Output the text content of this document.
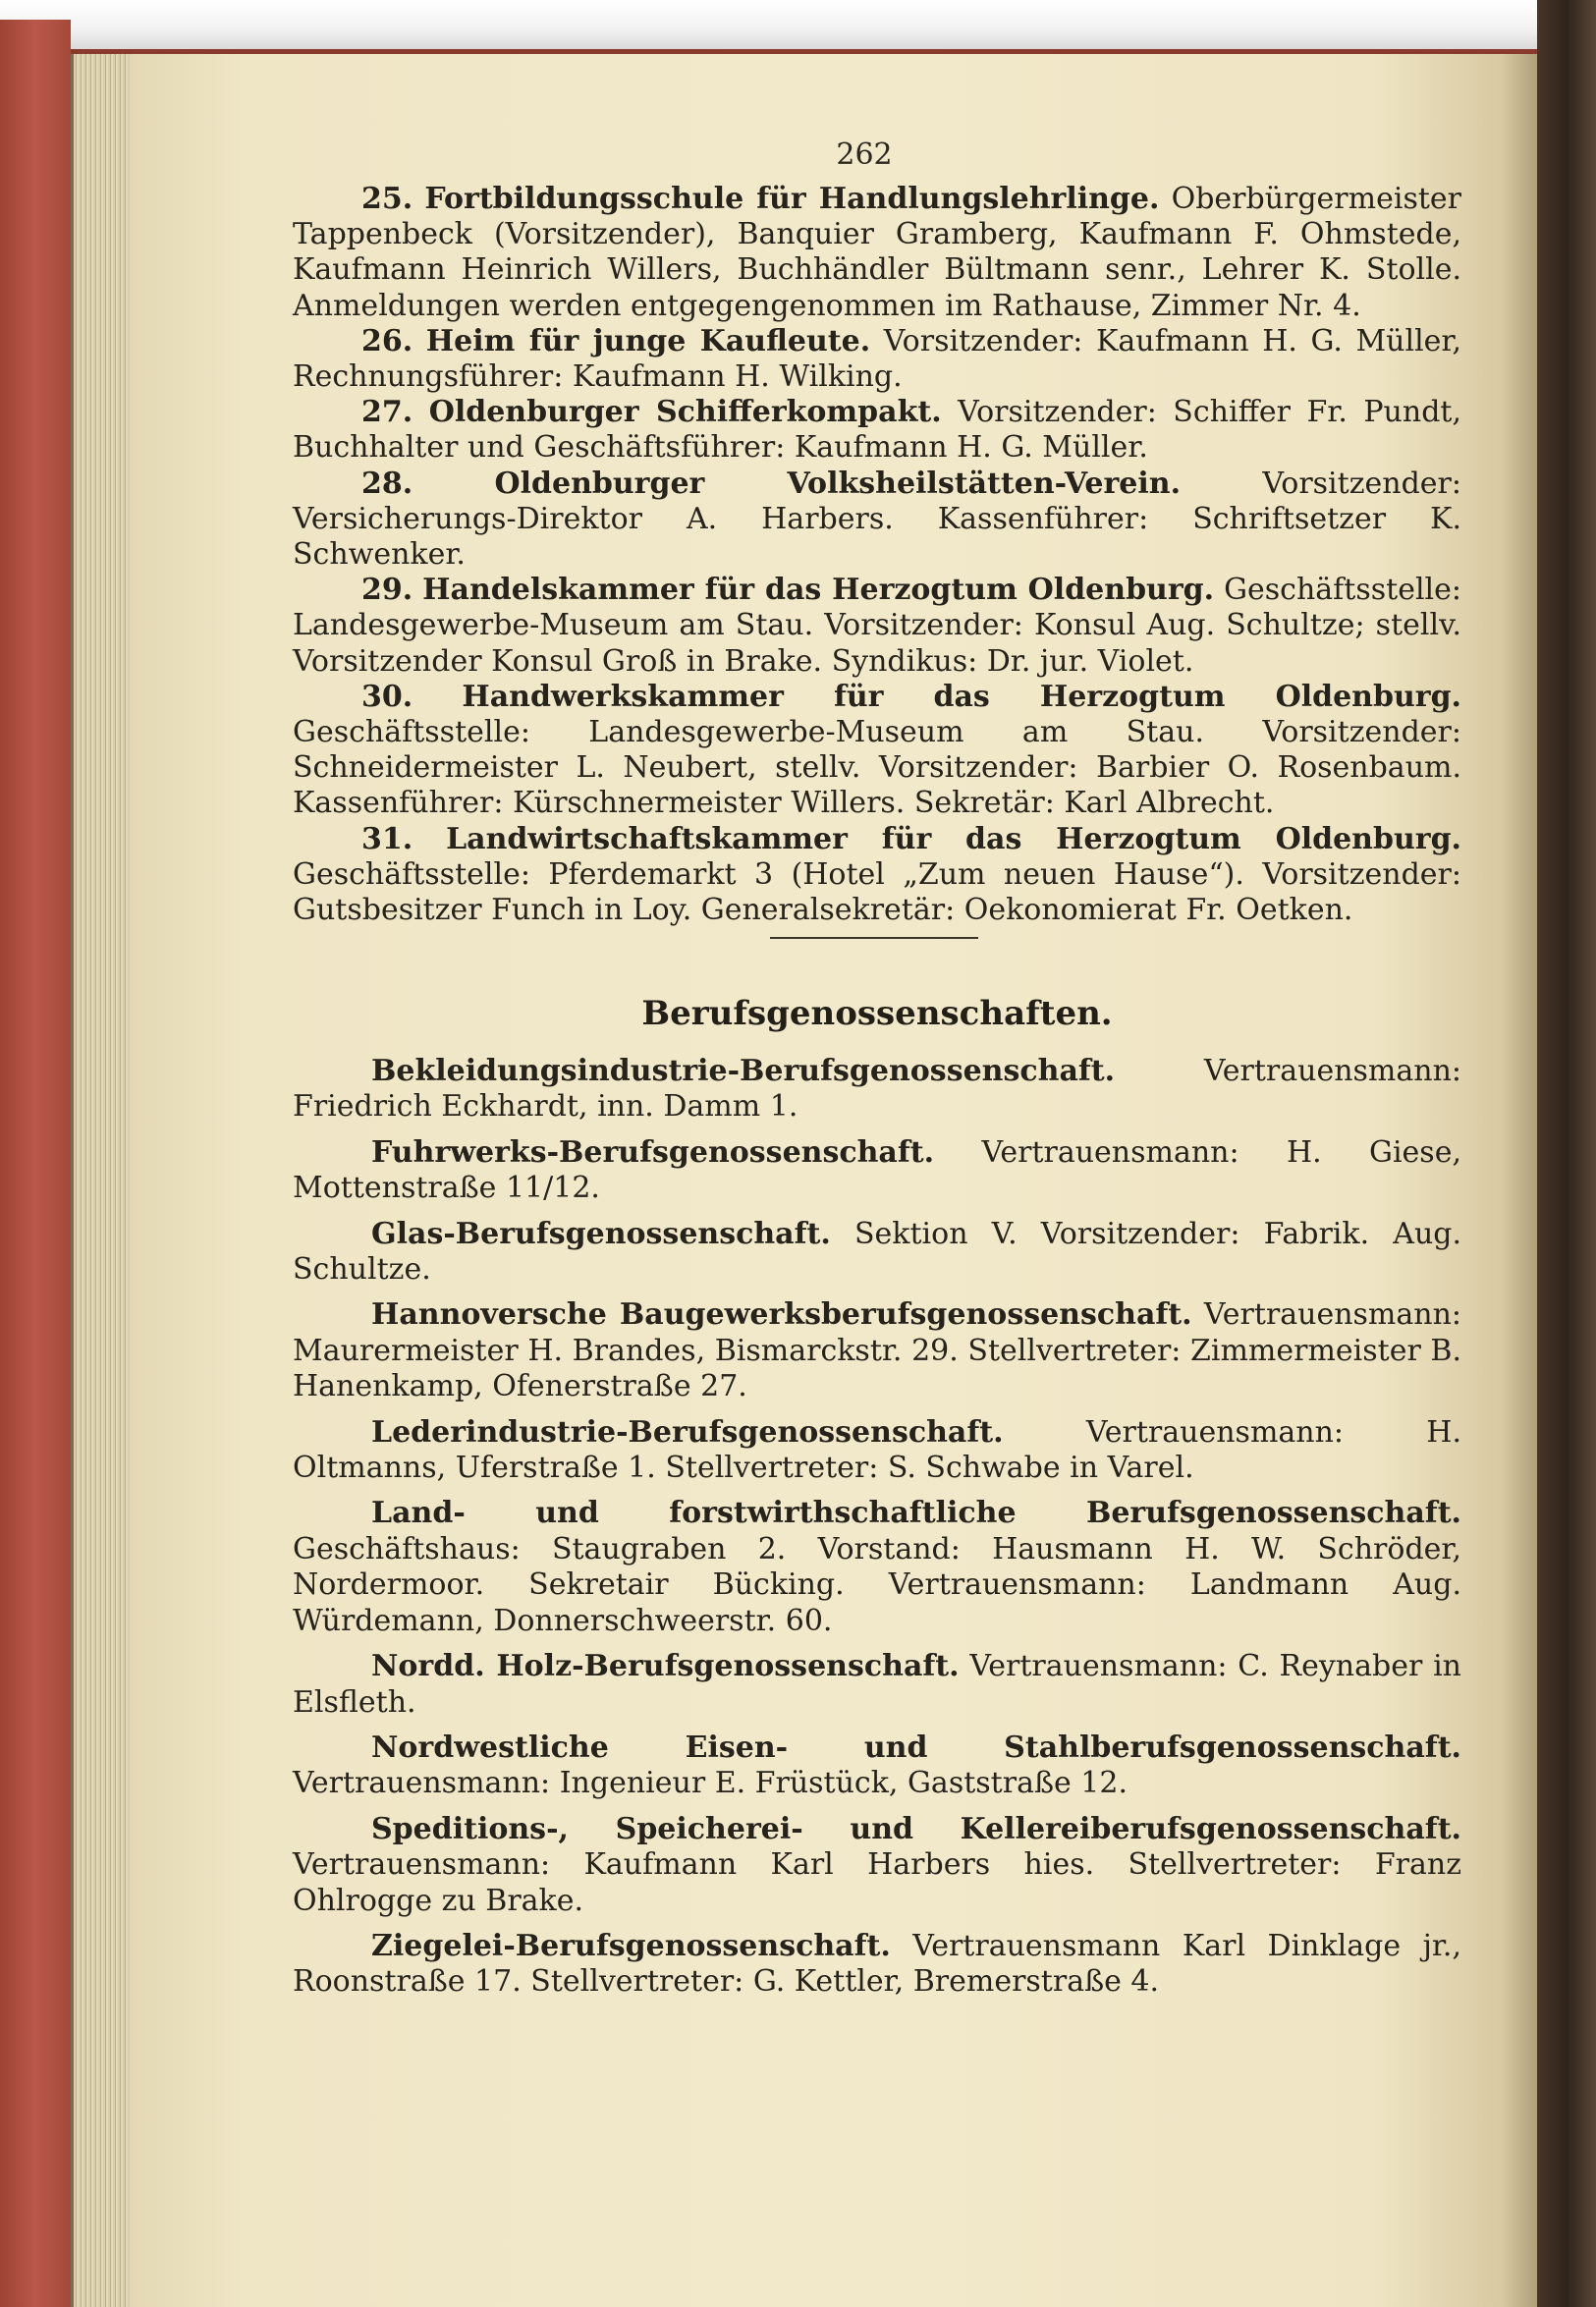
262

25. Fortbildungsschule für Handlungslehrlinge. Oberbürgermeister Tappenbeck (Vorsitzender), Banquier Gramberg, Kaufmann F. Ohmstede, Kaufmann Heinrich Willers, Buchhändler Bültmann senr., Lehrer K. Stolle. Anmeldungen werden entgegengenommen im Rathause, Zimmer Nr. 4.

26. Heim für junge Kaufleute. Vorsitzender: Kaufmann H. G. Müller, Rechnungsführer: Kaufmann H. Wilking.

27. Oldenburger Schifferkompakt. Vorsitzender: Schiffer Fr. Pundt, Buchhalter und Geschäftsführer: Kaufmann H. G. Müller.

28.	Oldenburger Volksheilstätten-Verein.	Vorsitzender: Versicherungs-Direktor A. Harbers. Kassenführer: Schriftsetzer K. Schwenker.

29. Handelskammer für das Herzogtum Oldenburg. Geschäftsstelle: Landesgewerbe-Museum am Stau. Vorsitzender: Konsul Aug. Schultze; stellv. Vorsitzender Konsul Groß in Brake. Syndikus: Dr. jur. Violet.

30. Handwerkskammer für das Herzogtum Oldenburg. Geschäftsstelle: Landesgewerbe-Museum am Stau. Vorsitzender: Schneidermeister L. Neubert, stellv. Vorsitzender: Barbier O. Rosenbaum. Kassenführer: Kürschnermeister Willers. Sekretär: Karl Albrecht.

31. Landwirtschaftskammer für das Herzogtum Oldenburg. Geschäftsstelle: Pferdemarkt 3 (Hotel „Zum neuen Hause“). Vorsitzender: Gutsbesitzer Funch in Loy. Generalsekretär: Oekonomierat Fr. Oetken.

Berufsgenossenschaften.

Bekleidungsindustrie-Berufsgenossenschaft.	Vertrauensmann: Friedrich Eckhardt, inn. Damm 1.

Fuhrwerks-Berufsgenossenschaft. Vertrauensmann: H. Giese, Mottenstraße 11/12.

Glas-Berufsgenossenschaft. Sektion V. Vorsitzender: Fabrik. Aug. Schultze.

Hannoversche Baugewerksberufsgenossenschaft. Vertrauensmann: Maurermeister H. Brandes, Bismarckstr. 29. Stellvertreter: Zimmermeister B. Hanenkamp, Ofenerstraße 27.

Lederindustrie-Berufsgenossenschaft.	Vertrauensmann: H. Oltmanns, Uferstraße 1. Stellvertreter: S. Schwabe in Varel.

Land- und forstwirthschaftliche Berufsgenossenschaft. Geschäftshaus: Staugraben 2. Vorstand: Hausmann H. W. Schröder, Nordermoor. Sekretair Bücking. Vertrauensmann: Landmann Aug. Würdemann, Donnerschweerstr. 60.

Nordd. Holz-Berufsgenossenschaft. Vertrauensmann: C. Reynaber in Elsfleth.

Nordwestliche Eisen- und Stahlberufsgenossenschaft. Vertrauensmann: Ingenieur E. Früstück, Gaststraße 12.

Speditions-, Speicherei- und Kellereiberufsgenossenschaft. Vertrauensmann: Kaufmann Karl Harbers hies. Stellvertreter: Franz Ohlrogge zu Brake.

Ziegelei-Berufsgenossenschaft. Vertrauensmann Karl Dinklage jr., Roonstraße 17. Stellvertreter: G. Kettler, Bremerstraße 4.
